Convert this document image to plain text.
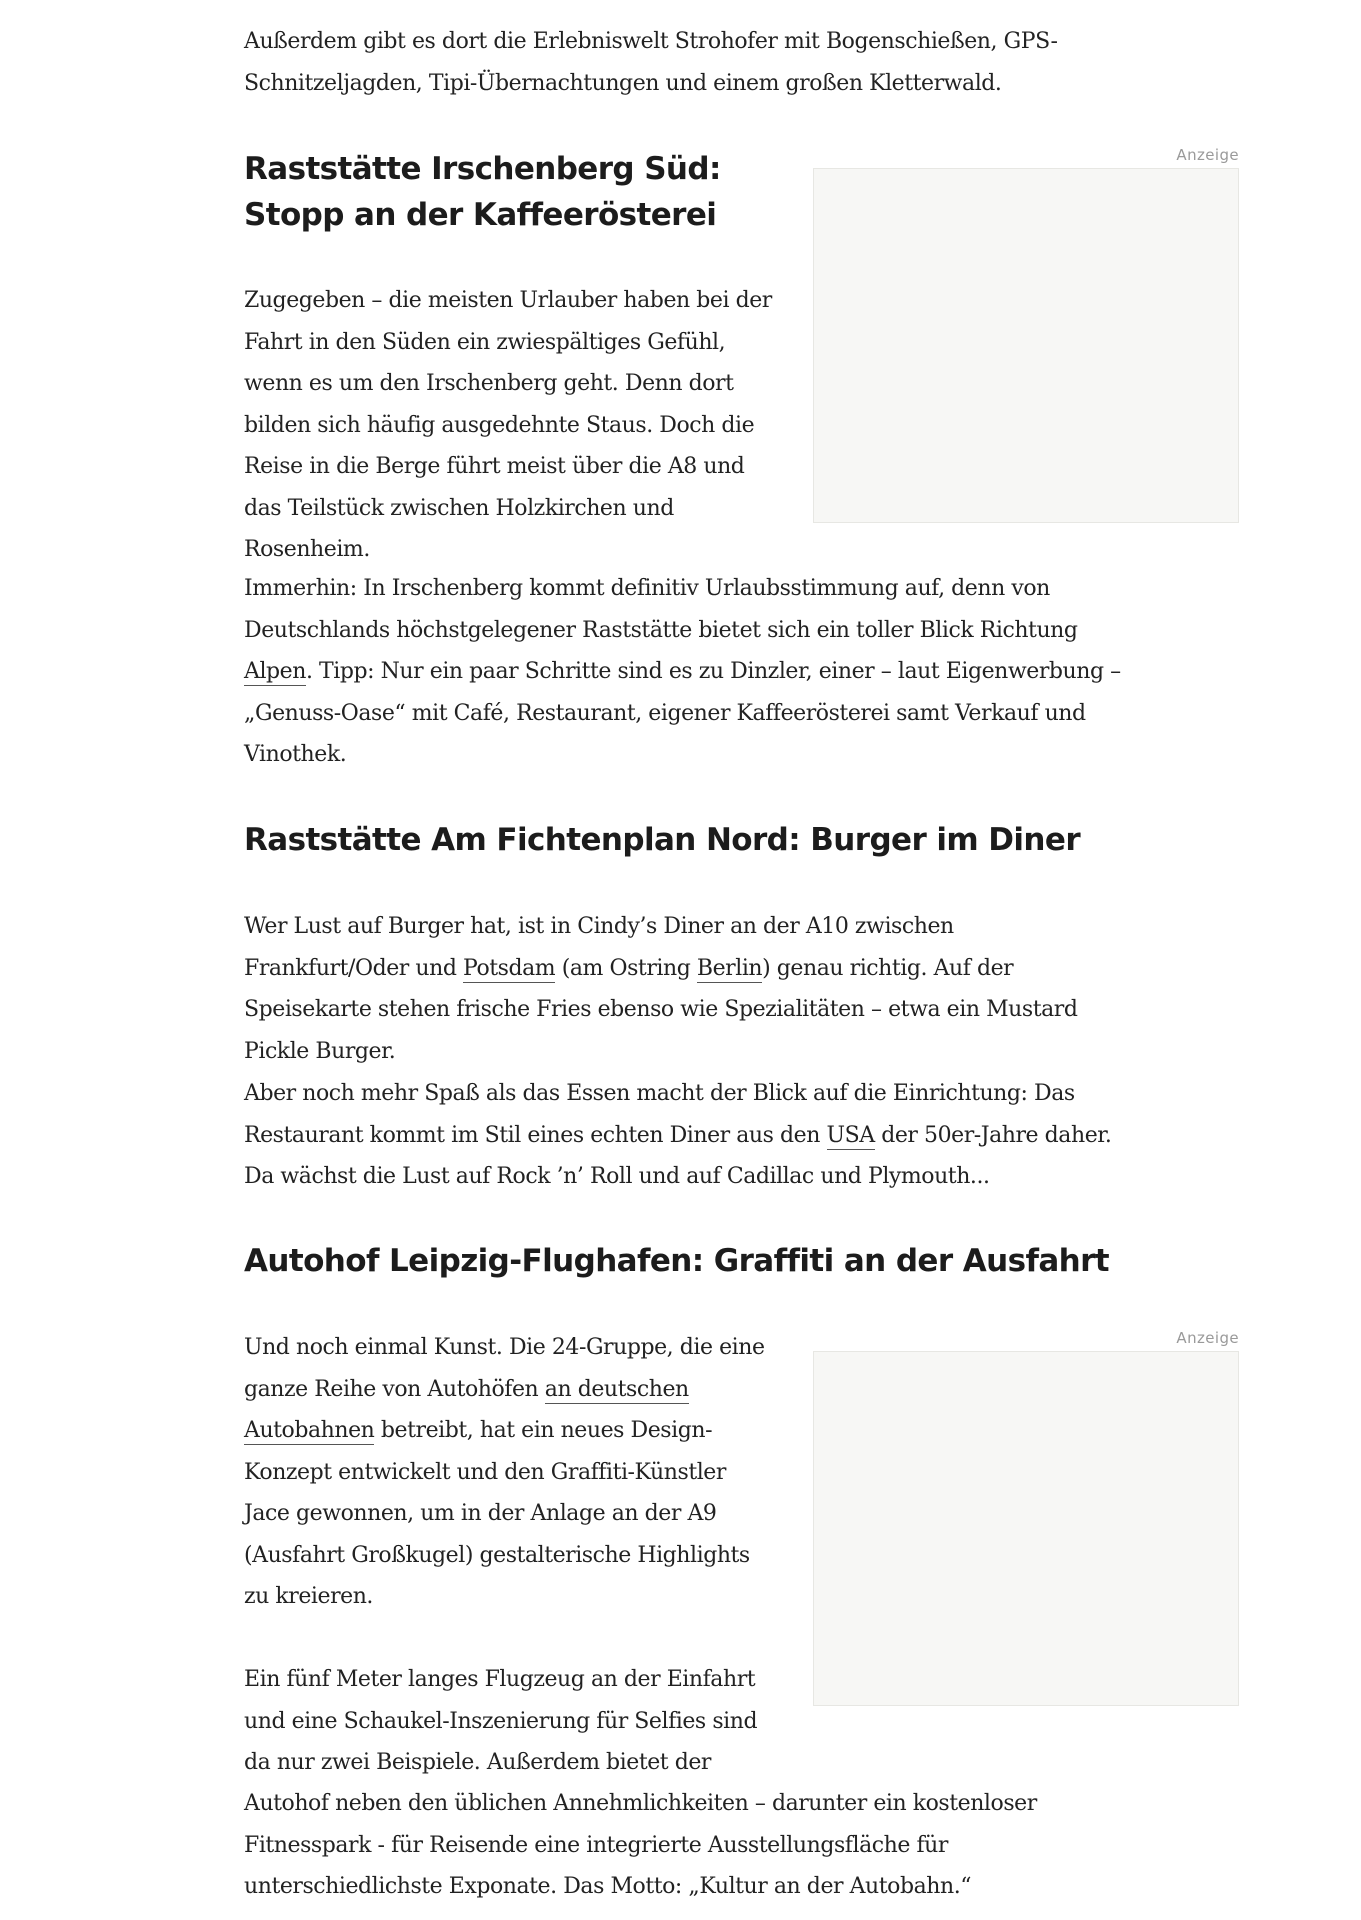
Außerdem gibt es dort die Erlebniswelt Strohofer mit Bogenschießen, GPS-Schnitzeljagden, Tipi-Übernachtungen und einem großen Kletterwald.

Raststätte Irschenberg Süd: Stopp an der Kaffeerösterei

Zugegeben – die meisten Urlauber haben bei der Fahrt in den Süden ein zwiespältiges Gefühl, wenn es um den Irschenberg geht. Denn dort bilden sich häufig ausgedehnte Staus. Doch die Reise in die Berge führt meist über die A8 und das Teilstück zwischen Holzkirchen und Rosenheim.

Immerhin: In Irschenberg kommt definitiv Urlaubsstimmung auf, denn von Deutschlands höchstgelegener Raststätte bietet sich ein toller Blick Richtung Alpen. Tipp: Nur ein paar Schritte sind es zu Dinzler, einer – laut Eigenwerbung – „Genuss-Oase“ mit Café, Restaurant, eigener Kaffeerösterei samt Verkauf und Vinothek.

Anzeige
Raststätte Am Fichtenplan Nord: Burger im Diner

Wer Lust auf Burger hat, ist in Cindy’s Diner an der A10 zwischen Frankfurt/Oder und Potsdam (am Ostring Berlin) genau richtig. Auf der Speisekarte stehen frische Fries ebenso wie Spezialitäten – etwa ein Mustard Pickle Burger.

Aber noch mehr Spaß als das Essen macht der Blick auf die Einrichtung: Das Restaurant kommt im Stil eines echten Diner aus den USA der 50er-Jahre daher. Da wächst die Lust auf Rock ’n’ Roll und auf Cadillac und Plymouth...

Autohof Leipzig-Flughafen: Graffiti an der Ausfahrt

Und noch einmal Kunst. Die 24-Gruppe, die eine ganze Reihe von Autohöfen an deutschen Autobahnen betreibt, hat ein neues Design-Konzept entwickelt und den Graffiti-Künstler Jace gewonnen, um in der Anlage an der A9 (Ausfahrt Großkugel) gestalterische Highlights zu kreieren.

Ein fünf Meter langes Flugzeug an der Einfahrt und eine Schaukel-Inszenierung für Selfies sind da nur zwei Beispiele. Außerdem bietet der

Autohof neben den üblichen Annehmlichkeiten – darunter ein kostenloser Fitnesspark - für Reisende eine integrierte Ausstellungsfläche für unterschiedlichste Exponate. Das Motto: „Kultur an der Autobahn.“

Anzeige
